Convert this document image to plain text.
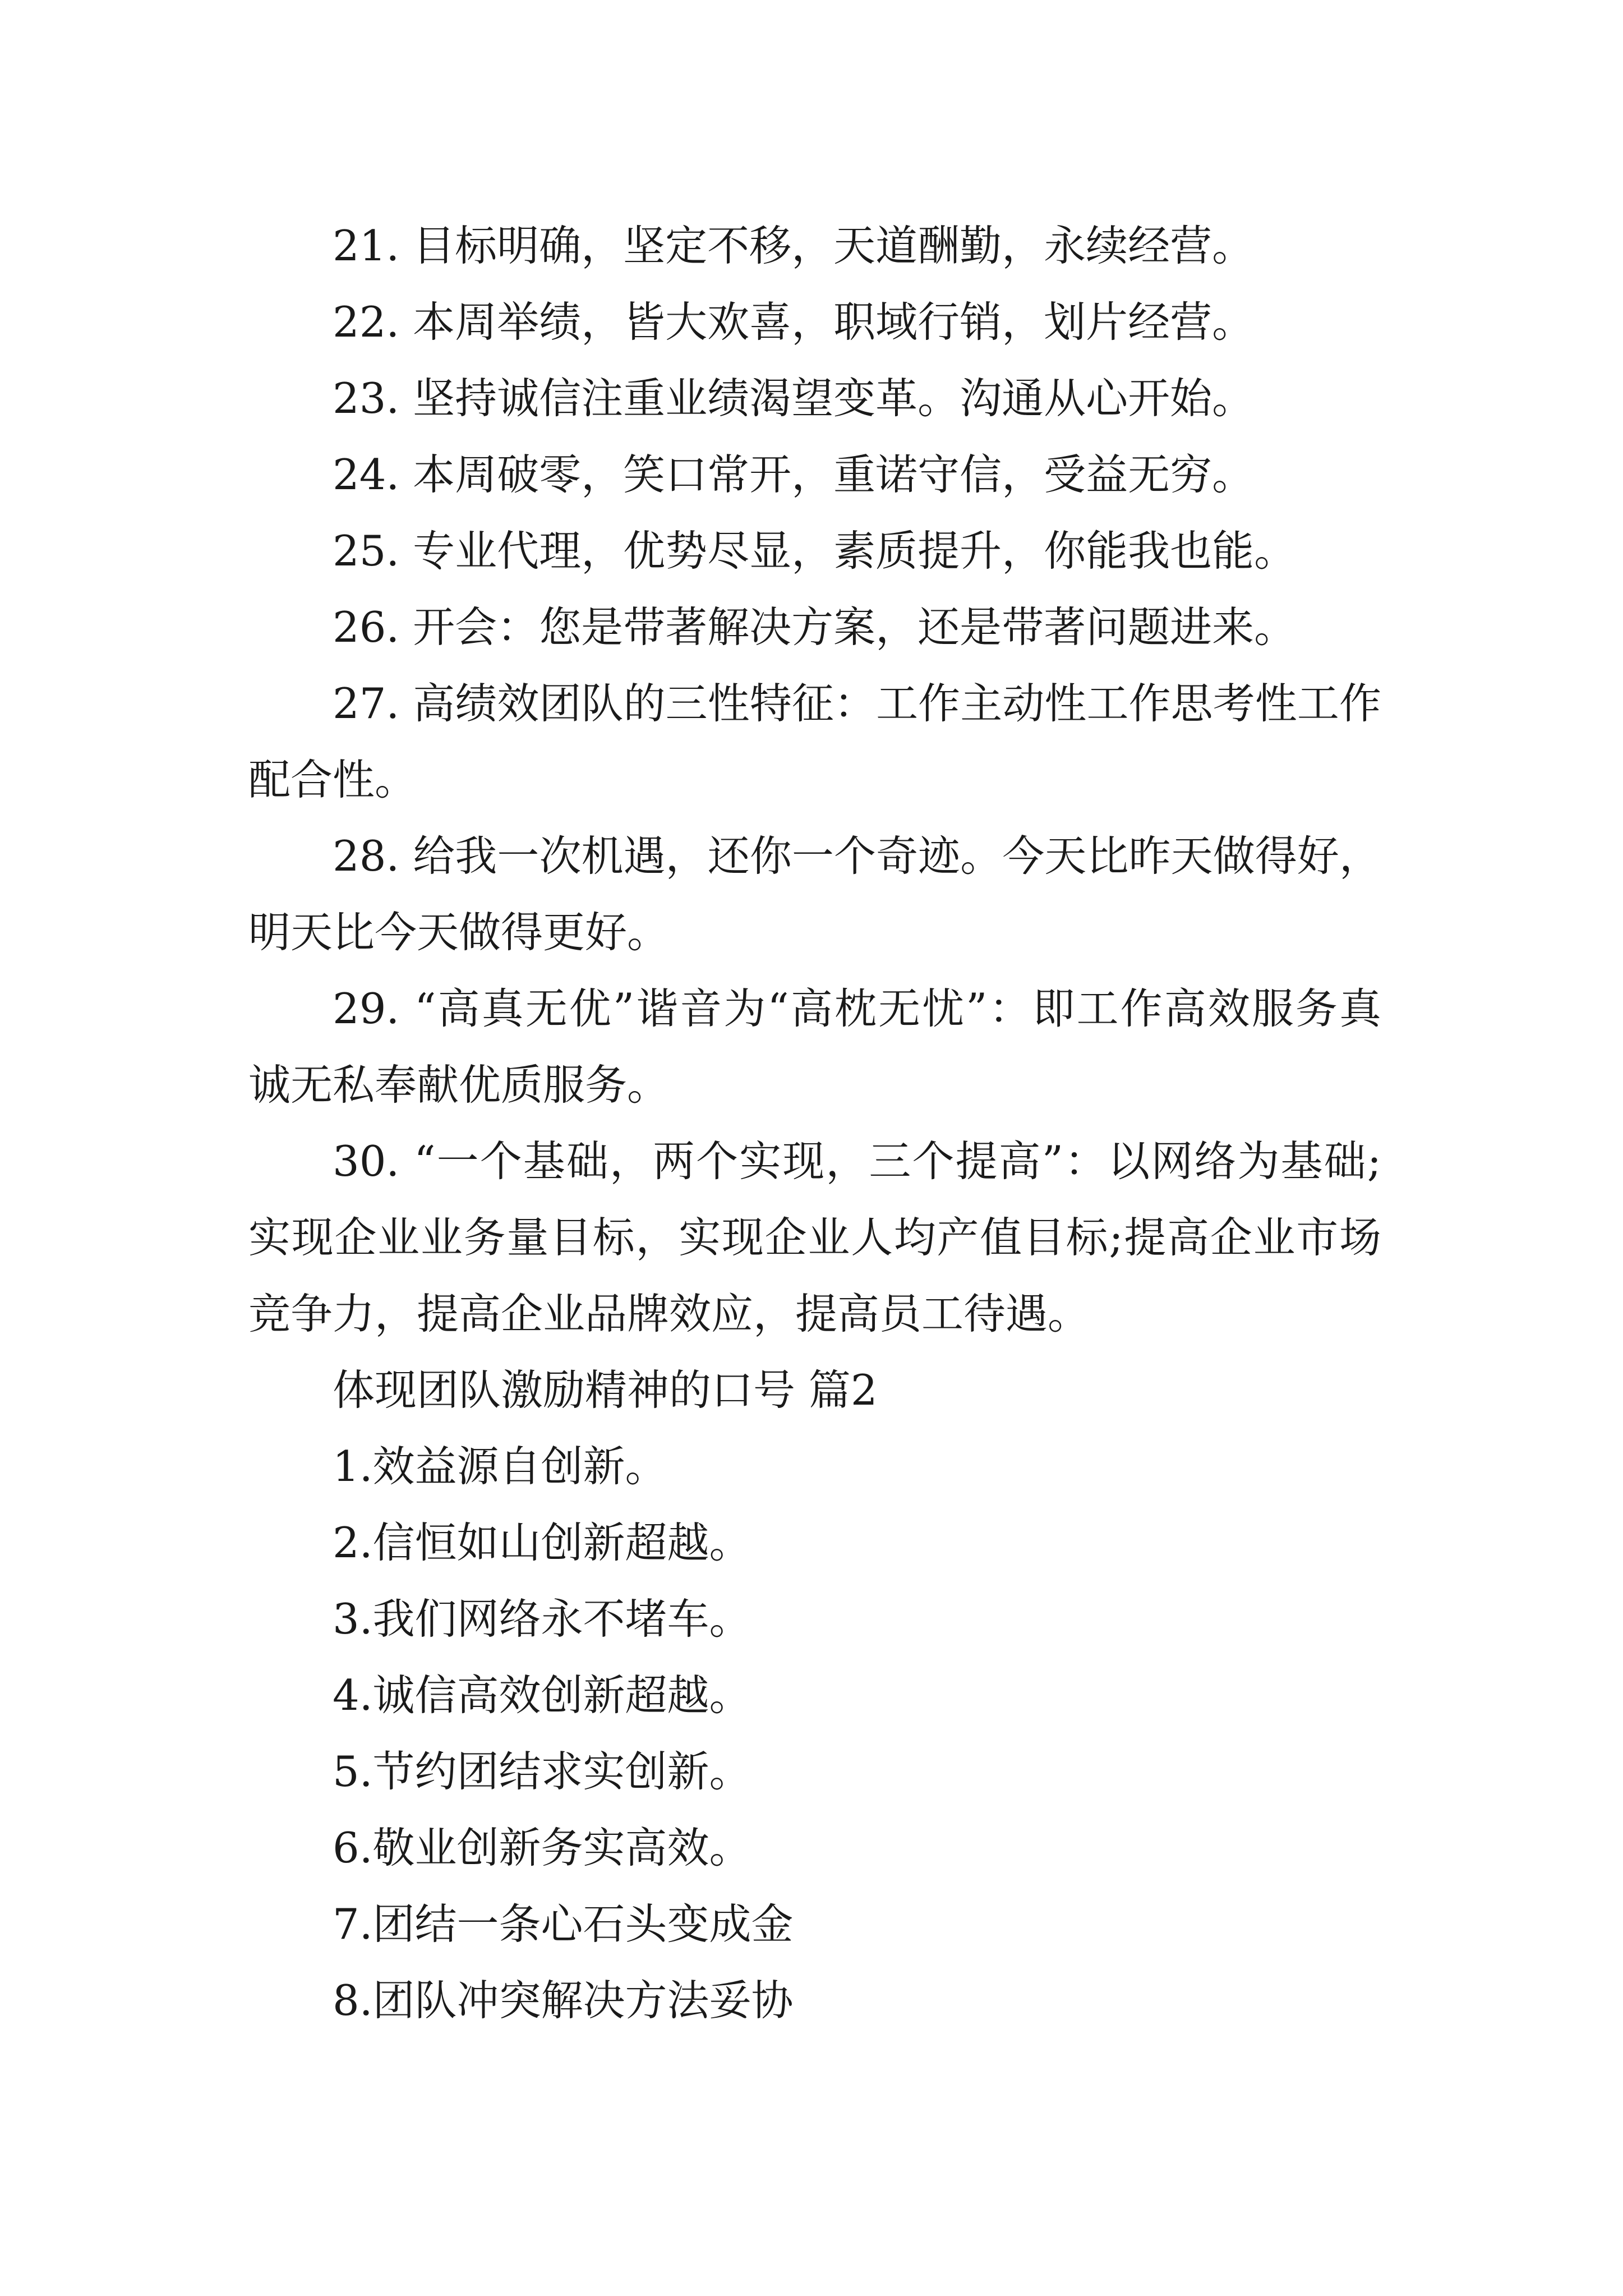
21. 目标明确，坚定不移，天道酬勤，永续经营。

22. 本周举绩，皆大欢喜，职域行销，划片经营。

23. 坚持诚信注重业绩渴望变革。沟通从心开始。

24. 本周破零，笑口常开，重诺守信，受益无穷。

25. 专业代理，优势尽显，素质提升，你能我也能。

26. 开会：您是带著解决方案，还是带著问题进来。

27. 高绩效团队的三性特征：工作主动性工作思考性工作配合性。

28. 给我一次机遇，还你一个奇迹。今天比昨天做得好，明天比今天做得更好。

29. “高真无优”谐音为“高枕无忧”：即工作高效服务真诚无私奉献优质服务。

30. “一个基础，两个实现，三个提高”：以网络为基础;实现企业业务量目标，实现企业人均产值目标;提高企业市场竞争力，提高企业品牌效应，提高员工待遇。

体现团队激励精神的口号 篇2

1.效益源自创新。

2.信恒如山创新超越。

3.我们网络永不堵车。

4.诚信高效创新超越。

5.节约团结求实创新。

6.敬业创新务实高效。

7.团结一条心石头变成金

8.团队冲突解决方法妥协
